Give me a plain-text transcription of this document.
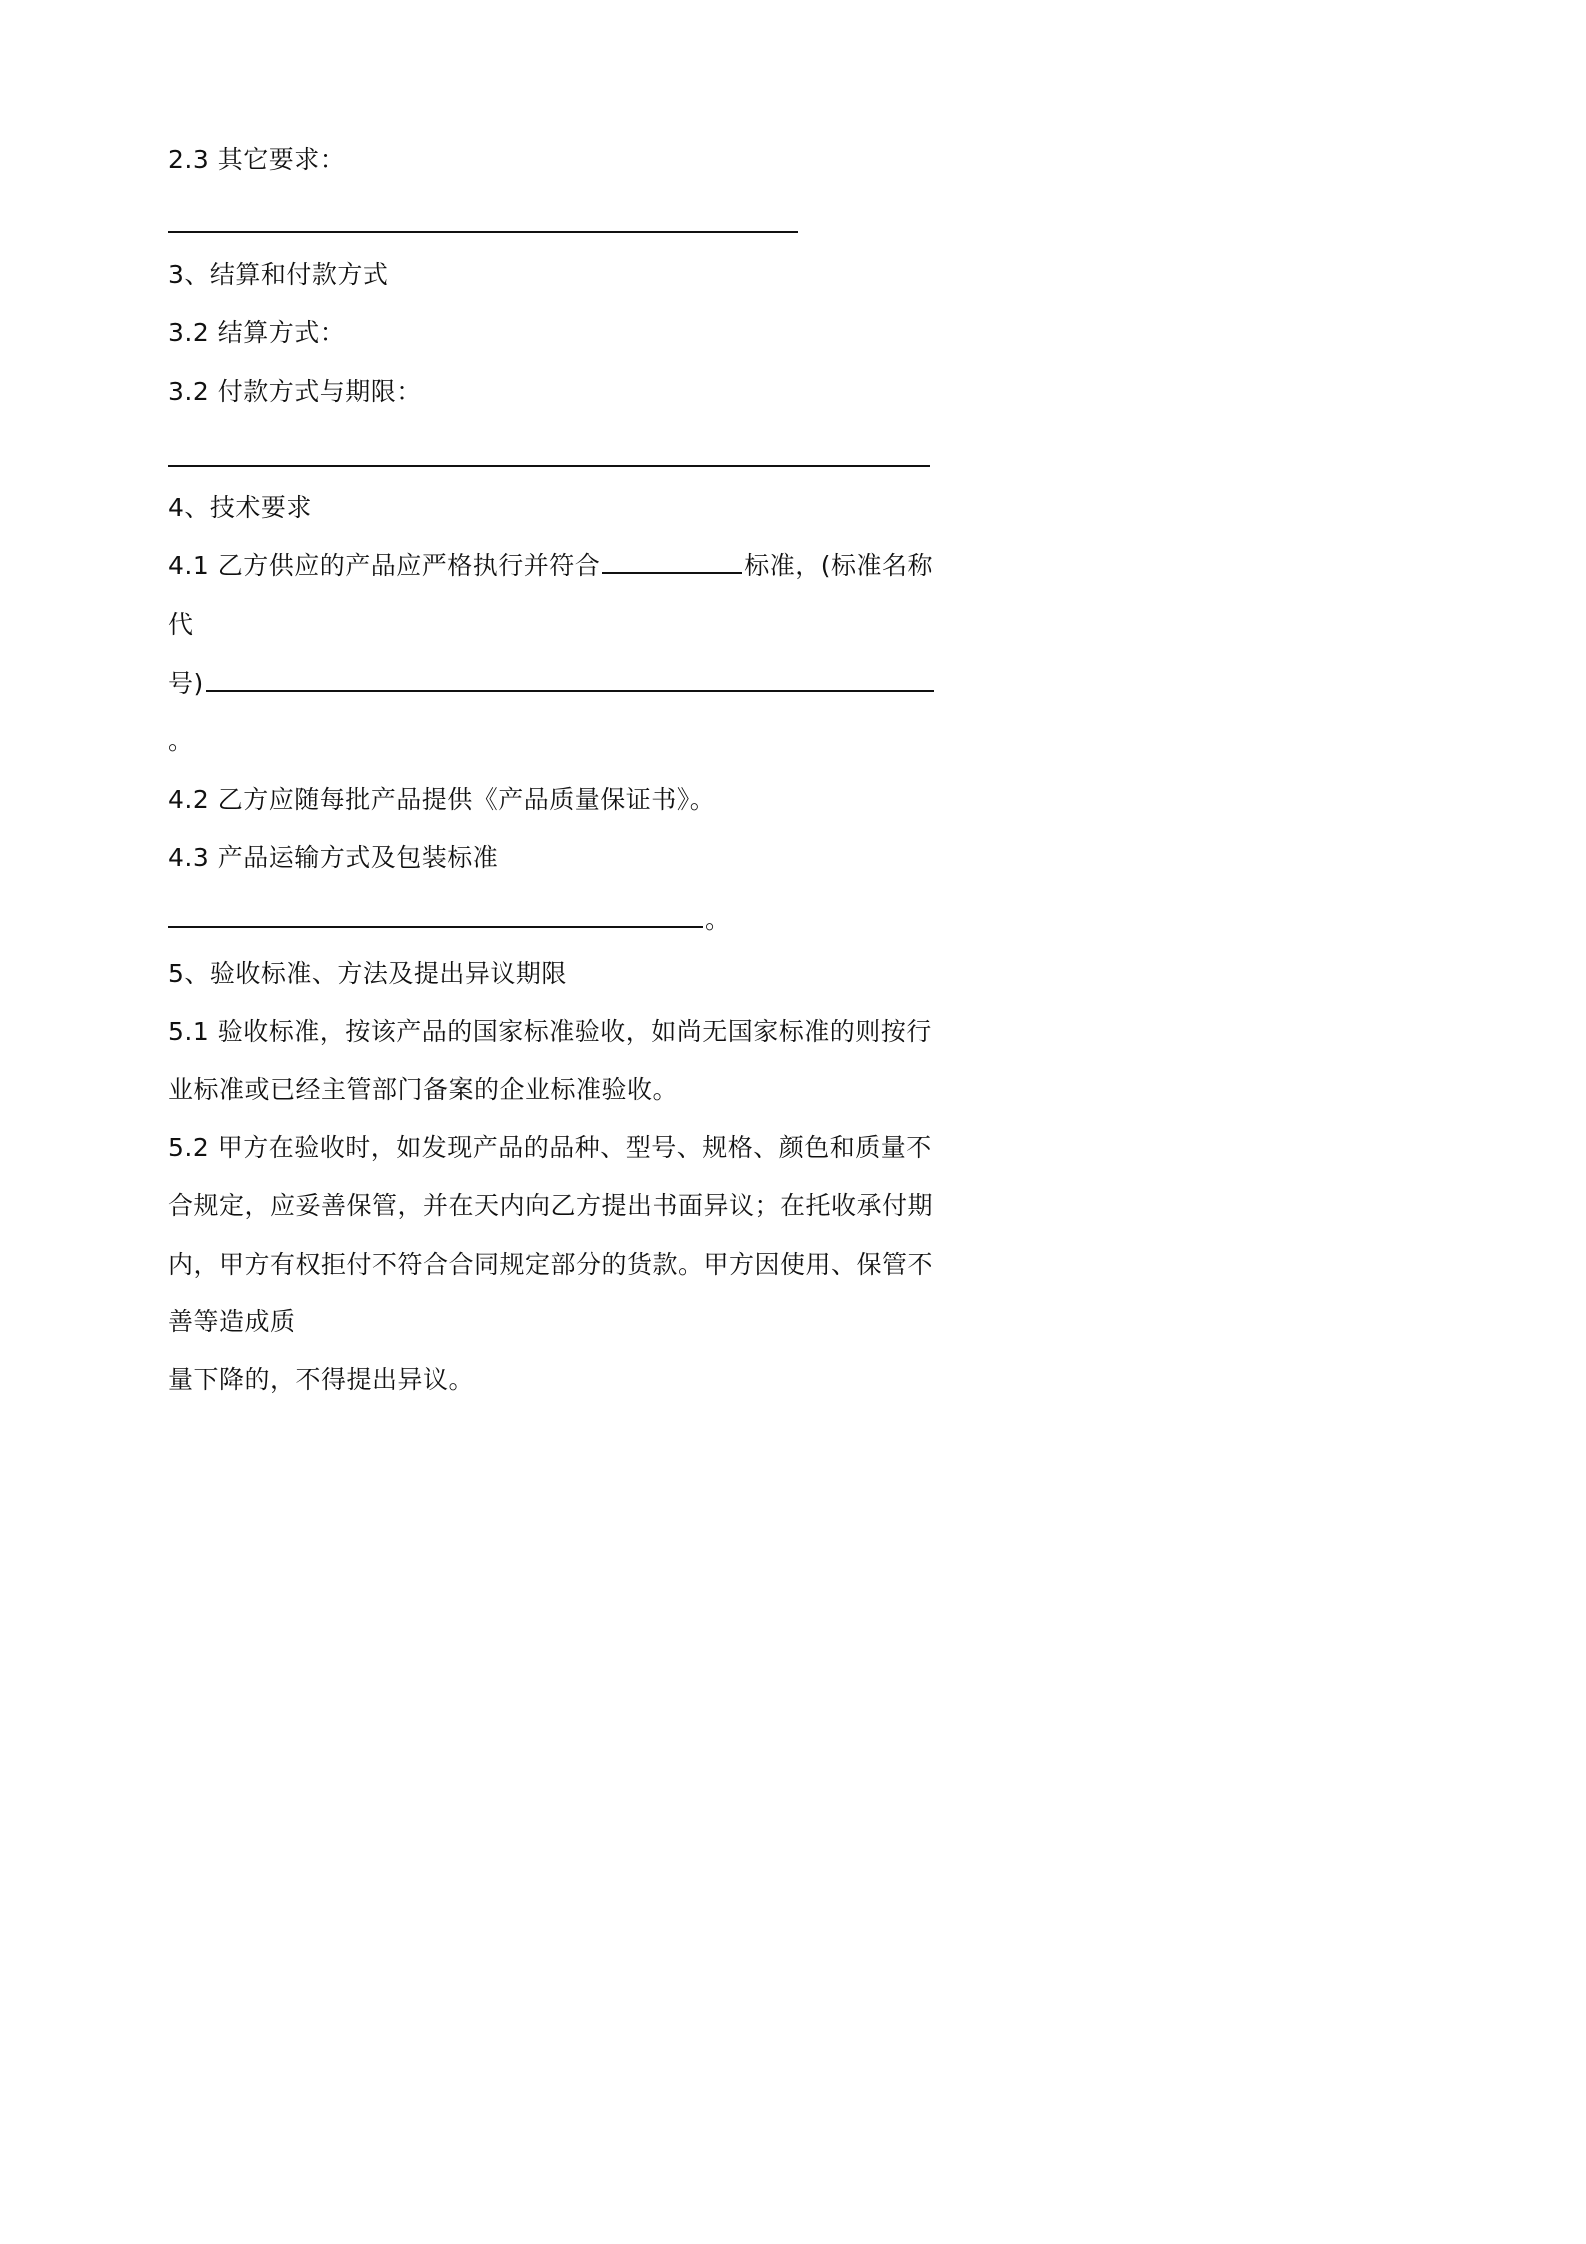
2.3 其它要求：
3、结算和付款方式
3.2 结算方式：
3.2 付款方式与期限：
4、技术要求
4.1 乙方供应的产品应严格执行并符合	标准，(标准名称
代
号)
。
4.2 乙方应随每批产品提供《产品质量保证书》。
4.3 产品运输方式及包装标准
。
5、验收标准、方法及提出异议期限
5.1 验收标准，按该产品的国家标准验收，如尚无国家标准的则按行
业标准或已经主管部门备案的企业标准验收。
5.2 甲方在验收时，如发现产品的品种、型号、规格、颜色和质量不
合规定，应妥善保管，并在天内向乙方提出书面异议；在托收承付期
内，甲方有权拒付不符合合同规定部分的货款。甲方因使用、保管不
善等造成质
量下降的，不得提出异议。
